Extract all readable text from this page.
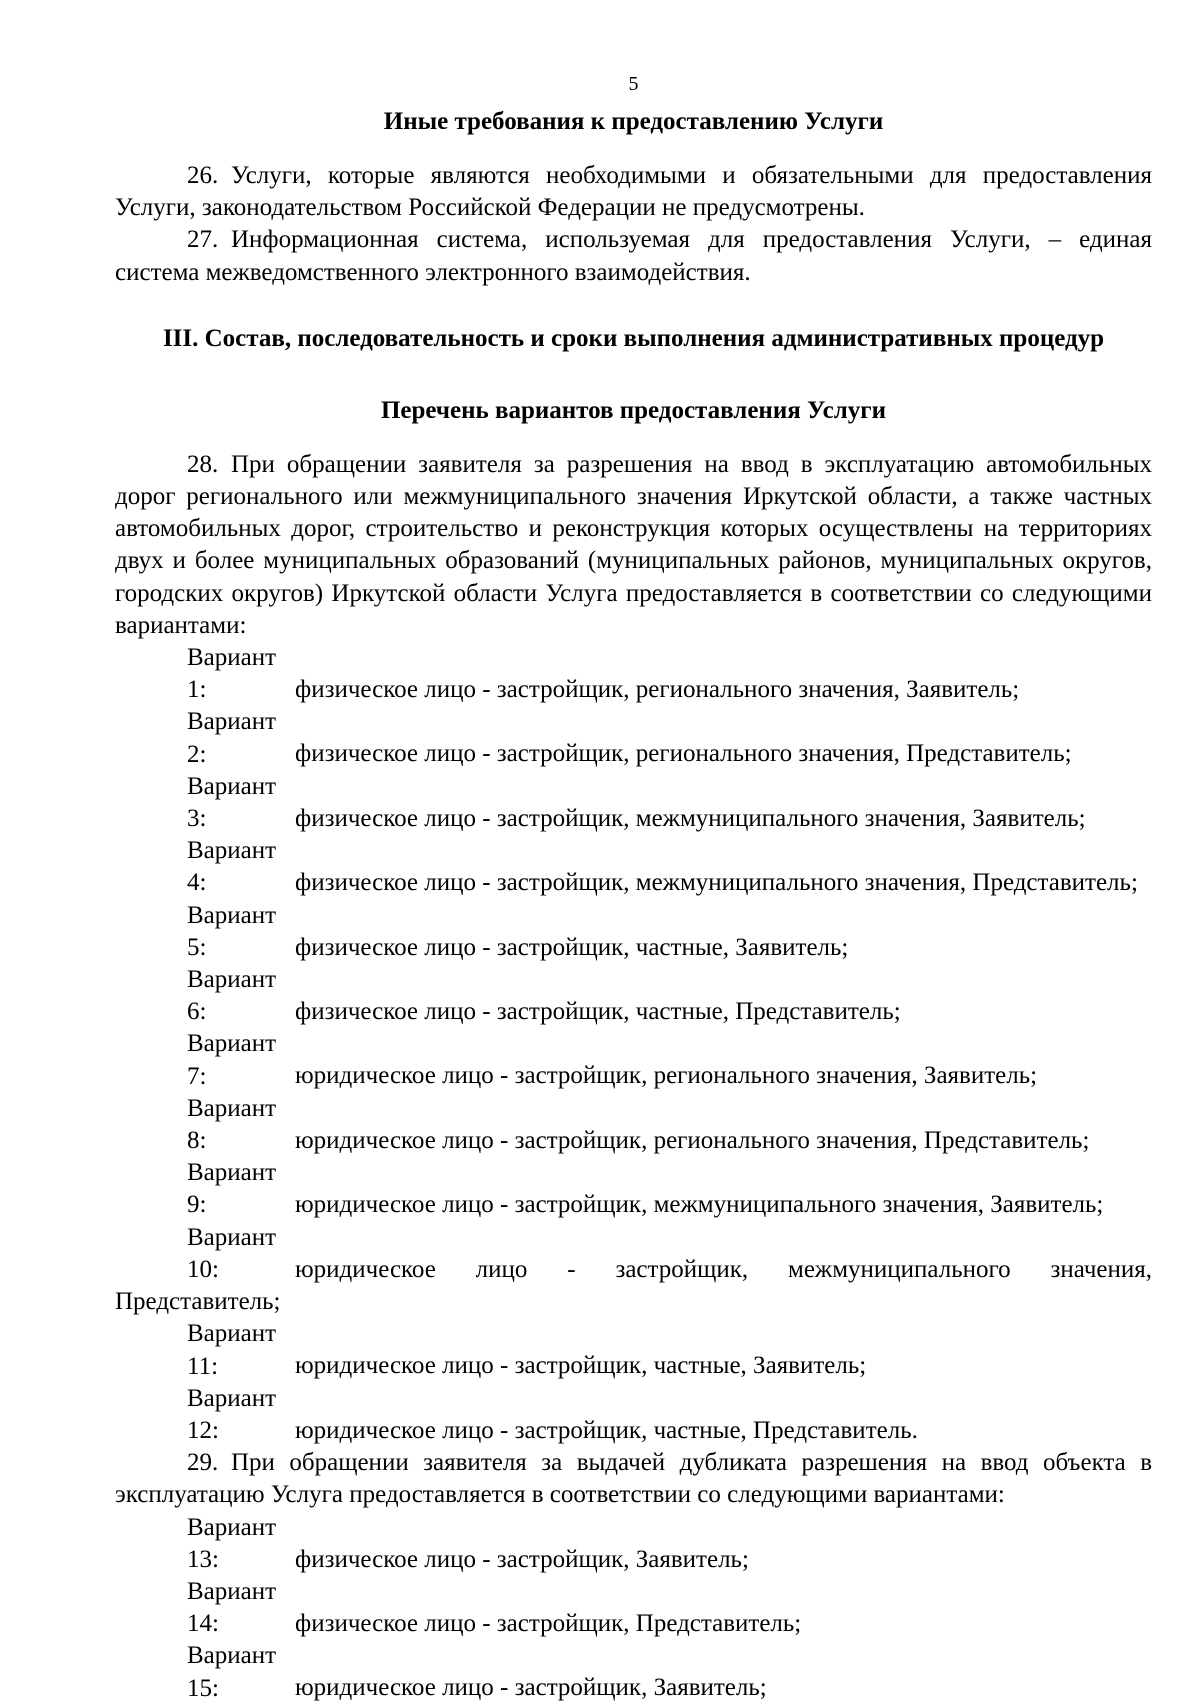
5
Иные требования к предоставлению Услуги

26. Услуги, которые являются необходимыми и обязательными для предоставления Услуги, законодательством Российской Федерации не предусмотрены.

27. Информационная система, используемая для предоставления Услуги, – единая система межведомственного электронного взаимодействия.

III. Состав, последовательность и сроки выполнения административных процедур
Перечень вариантов предоставления Услуги

28. При обращении заявителя за разрешения на ввод в эксплуатацию автомобильных дорог регионального или межмуниципального значения Иркутской области, а также частных автомобильных дорог, строительство и реконструкция которых осуществлены на территориях двух и более муниципальных образований (муниципальных районов, муниципальных округов, городских округов) Иркутской области Услуга предоставляется в соответствии со следующими вариантами:

Вариант 1:	физическое лицо - застройщик, регионального значения, Заявитель;

Вариант 2:	физическое лицо - застройщик, регионального значения, Представитель;

Вариант 3:	физическое лицо - застройщик, межмуниципального значения, Заявитель;

Вариант 4:	физическое лицо - застройщик, межмуниципального значения, Представитель;

Вариант 5:	физическое лицо - застройщик, частные, Заявитель;

Вариант 6:	физическое лицо - застройщик, частные, Представитель;

Вариант 7:	юридическое лицо - застройщик, регионального значения, Заявитель;

Вариант 8:	юридическое лицо - застройщик, регионального значения, Представитель;

Вариант 9:	юридическое лицо - застройщик, межмуниципального значения, Заявитель;

Вариант 10:	юридическое лицо - застройщик, межмуниципального значения, Представитель;

Вариант 11:	юридическое лицо - застройщик, частные, Заявитель;

Вариант 12:	юридическое лицо - застройщик, частные, Представитель.

29. При обращении заявителя за выдачей дубликата разрешения на ввод объекта в эксплуатацию Услуга предоставляется в соответствии со следующими вариантами:

Вариант 13:	физическое лицо - застройщик, Заявитель;

Вариант 14:	физическое лицо - застройщик, Представитель;

Вариант 15:	юридическое лицо - застройщик, Заявитель;
